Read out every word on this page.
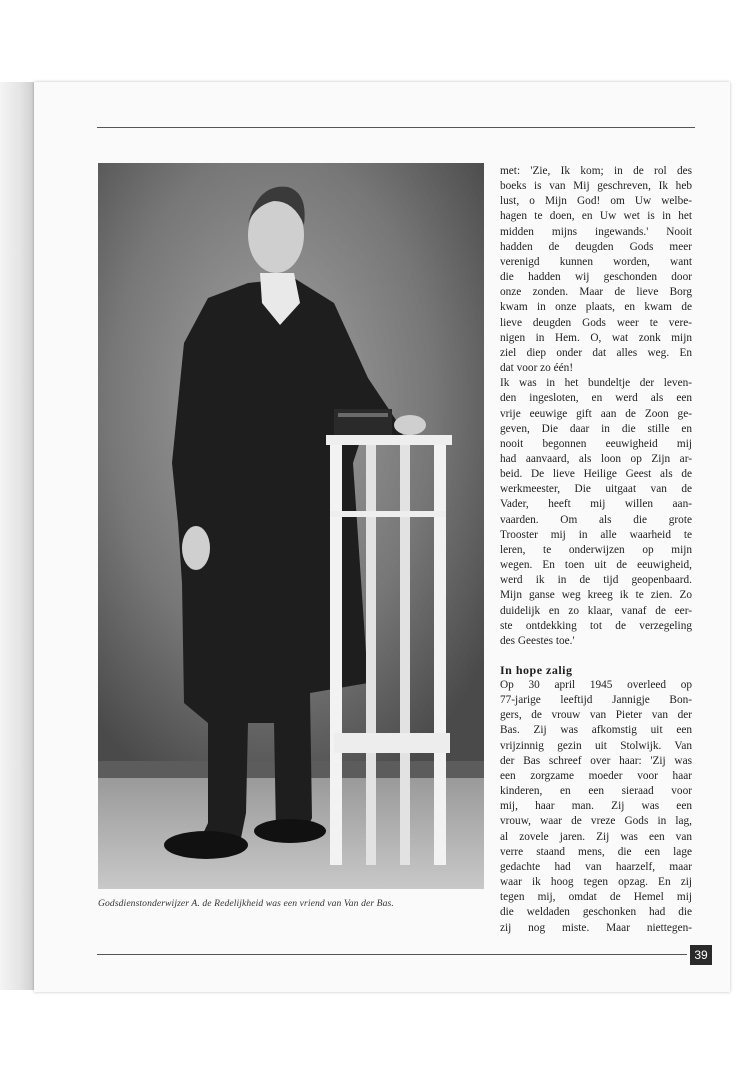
Godsdienstonderwijzer A. de Redelijkheid was een vriend van Van der Bas.

met: 'Zie, Ik kom; in de rol des
boeks is van Mij geschreven, Ik heb
lust, o Mijn God! om Uw welbe-
hagen te doen, en Uw wet is in het
midden mijns ingewands.' Nooit
hadden de deugden Gods meer
verenigd kunnen worden, want
die hadden wij geschonden door
onze zonden. Maar de lieve Borg
kwam in onze plaats, en kwam de
lieve deugden Gods weer te vere-
nigen in Hem. O, wat zonk mijn
ziel diep onder dat alles weg. En
dat voor zo één!

Ik was in het bundeltje der leven-
den ingesloten, en werd als een
vrije eeuwige gift aan de Zoon ge-
geven, Die daar in die stille en
nooit begonnen eeuwigheid mij
had aanvaard, als loon op Zijn ar-
beid. De lieve Heilige Geest als de
werkmeester, Die uitgaat van de
Vader, heeft mij willen aan-
vaarden. Om als die grote
Trooster mij in alle waarheid te
leren, te onderwijzen op mijn
wegen. En toen uit de eeuwigheid,
werd ik in de tijd geopenbaard.
Mijn ganse weg kreeg ik te zien. Zo
duidelijk en zo klaar, vanaf de eer-
ste ontdekking tot de verzegeling
des Geestes toe.'

In hope zalig

Op 30 april 1945 overleed op
77-jarige leeftijd Jannigje Bon-
gers, de vrouw van Pieter van der
Bas. Zij was afkomstig uit een
vrijzinnig gezin uit Stolwijk. Van
der Bas schreef over haar: 'Zij was
een zorgzame moeder voor haar
kinderen, en een sieraad voor
mij, haar man. Zij was een
vrouw, waar de vreze Gods in lag,
al zovele jaren. Zij was een van
verre staand mens, die een lage
gedachte had van haarzelf, maar
waar ik hoog tegen opzag. En zij
tegen mij, omdat de Hemel mij
die weldaden geschonken had die
zij nog miste. Maar niettegen-

39
